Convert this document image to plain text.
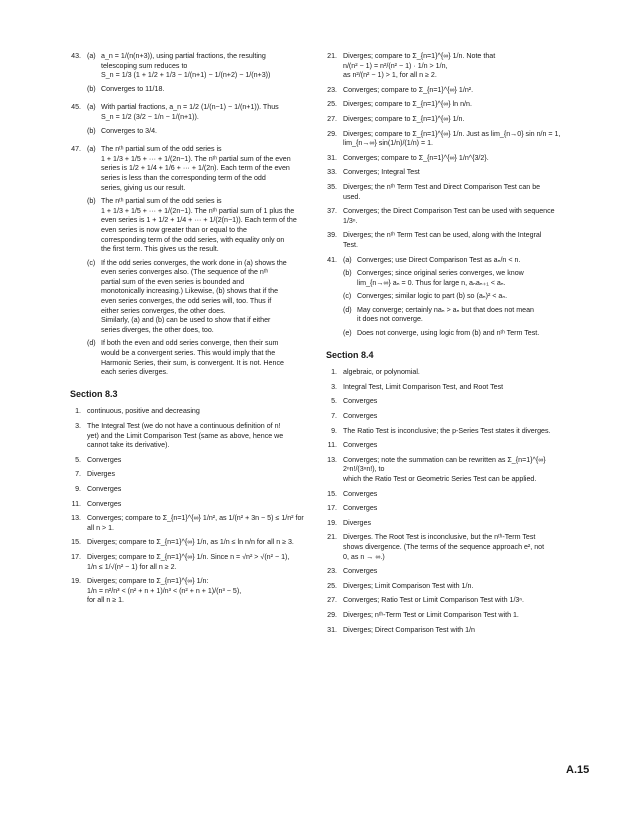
43. (a) a_n = 1/(n(n+3)), using partial fractions, the resulting
telescoping sum reduces to
S_n = 1/3 (1 + 1/2 + 1/3 − 1/(n+1) − 1/(n+2) − 1/(n+3))
(b) Converges to 11/18.
45. (a) With partial fractions, a_n = 1/2 (1/(n−1) − 1/(n+1)). Thus
S_n = 1/2 (3/2 − 1/n − 1/(n+1)).
(b) Converges to 3/4.
47. (a) The nᵗʰ partial sum of the odd series is
1 + 1/3 + 1/5 + ··· + 1/(2n−1). The nᵗʰ partial sum of the even
series is 1/2 + 1/4 + 1/6 + ··· + 1/(2n). Each term of the even
series is less than the corresponding term of the odd
series, giving us our result.
(b) The nᵗʰ partial sum of the odd series is
1 + 1/3 + 1/5 + ··· + 1/(2n−1). The nᵗʰ partial sum of 1 plus the
even series is 1 + 1/2 + 1/4 + ··· + 1/(2(n−1)). Each term of the
even series is now greater than or equal to the
corresponding term of the odd series, with equality only on
the first term. This gives us the result.
(c) If the odd series converges, the work done in (a) shows the
even series converges also. (The sequence of the nᵗʰ
partial sum of the even series is bounded and
monotonically increasing.) Likewise, (b) shows that if the
even series converges, the odd series will, too. Thus if
either series converges, the other does.
Similarly, (a) and (b) can be used to show that if either
series diverges, the other does, too.
(d) If both the even and odd series converge, then their sum
would be a convergent series. This would imply that the
Harmonic Series, their sum, is convergent. It is not. Hence
each series diverges.
Section 8.3
1. continuous, positive and decreasing
3. The Integral Test (we do not have a continuous definition of n!
yet) and the Limit Comparison Test (same as above, hence we
cannot take its derivative).
5. Converges
7. Diverges
9. Converges
11. Converges
13. Converges; compare to Σ_{n=1}^{∞} 1/n², as 1/(n² + 3n − 5) ≤ 1/n² for
all n > 1.
15. Diverges; compare to Σ_{n=1}^{∞} 1/n, as 1/n ≤ ln n/n for all n ≥ 3.
17. Diverges; compare to Σ_{n=1}^{∞} 1/n. Since n = √n² > √(n² − 1),
1/n ≤ 1/√(n² − 1) for all n ≥ 2.
19. Diverges; compare to Σ_{n=1}^{∞} 1/n:
1/n = n²/n³ < (n² + n + 1)/n³ < (n² + n + 1)/(n³ − 5),
for all n ≥ 1.
21. Diverges; compare to Σ_{n=1}^{∞} 1/n. Note that
n/(n² − 1) = n²/(n² − 1) · 1/n > 1/n,
as n²/(n² − 1) > 1, for all n ≥ 2.
23. Converges; compare to Σ_{n=1}^{∞} 1/n².
25. Diverges; compare to Σ_{n=1}^{∞} ln n/n.
27. Diverges; compare to Σ_{n=1}^{∞} 1/n.
29. Diverges; compare to Σ_{n=1}^{∞} 1/n. Just as lim_{n→0} sin n/n = 1,
lim_{n→∞} sin(1/n)/(1/n) = 1.
31. Converges; compare to Σ_{n=1}^{∞} 1/n^{3/2}.
33. Converges; Integral Test
35. Diverges; the nᵗʰ Term Test and Direct Comparison Test can be
used.
37. Converges; the Direct Comparison Test can be used with sequence
1/3ⁿ.
39. Diverges; the nᵗʰ Term Test can be used, along with the Integral
Test.
41. (a) Converges; use Direct Comparison Test as aₙ/n < n.
(b) Converges; since original series converges, we know
lim_{n→∞} aₙ = 0. Thus for large n, aₙaₙ₊₁ < aₙ.
(c) Converges; similar logic to part (b) so (aₙ)² < aₙ.
(d) May converge; certainly naₙ > aₙ but that does not mean
it does not converge.
(e) Does not converge, using logic from (b) and nᵗʰ Term Test.
Section 8.4
1. algebraic, or polynomial.
3. Integral Test, Limit Comparison Test, and Root Test
5. Converges
7. Converges
9. The Ratio Test is inconclusive; the p-Series Test states it diverges.
11. Converges
13. Converges; note the summation can be rewritten as Σ_{n=1}^{∞} 2ⁿn!/(3ⁿn!), to
which the Ratio Test or Geometric Series Test can be applied.
15. Converges
17. Converges
19. Diverges
21. Diverges. The Root Test is inconclusive, but the nᵗʰ-Term Test
shows divergence. (The terms of the sequence approach e², not
0, as n → ∞.)
23. Converges
25. Diverges; Limit Comparison Test with 1/n.
27. Converges; Ratio Test or Limit Comparison Test with 1/3ⁿ.
29. Diverges; nᵗʰ-Term Test or Limit Comparison Test with 1.
31. Diverges; Direct Comparison Test with 1/n
A.15
